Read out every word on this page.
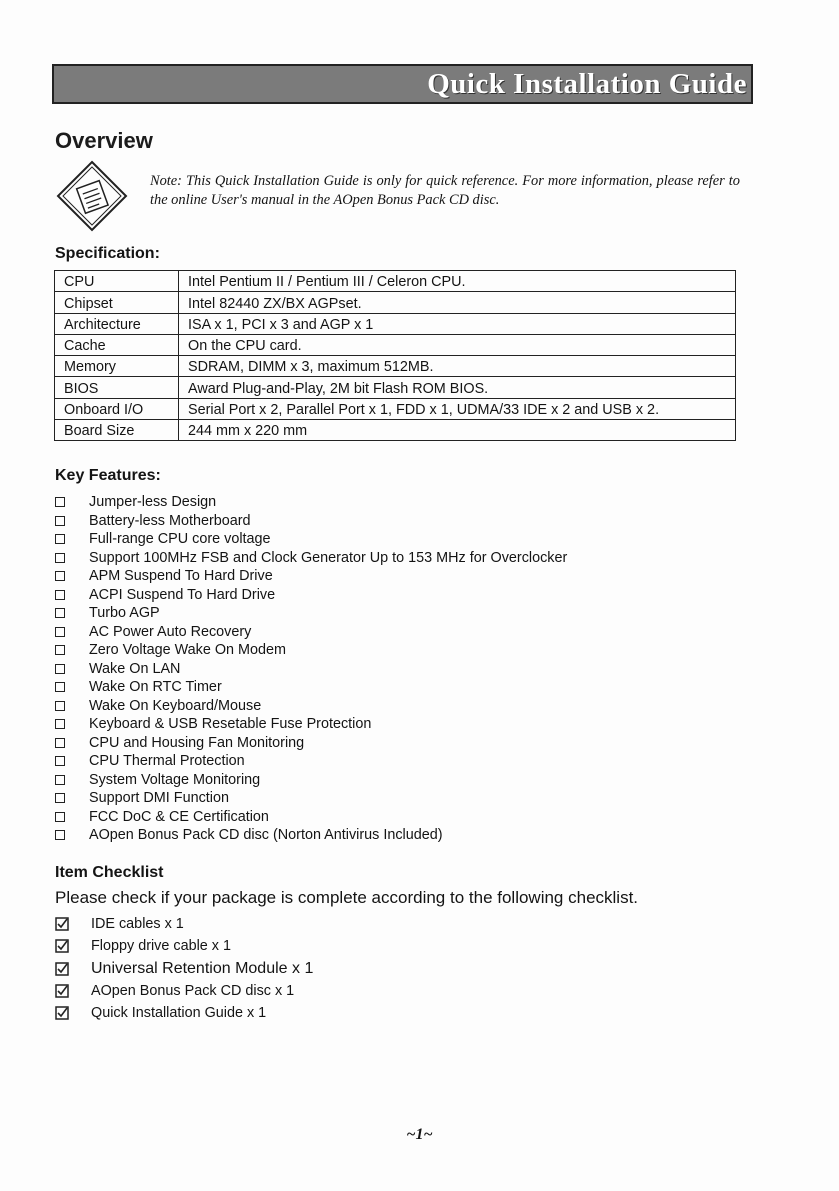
Quick Installation Guide
Overview
Note: This Quick Installation Guide is only for quick reference. For more information, please refer to the online User's manual in the AOpen Bonus Pack CD disc.
Specification:
CPU	Intel Pentium II / Pentium III / Celeron CPU.
Chipset	Intel 82440 ZX/BX AGPset.
Architecture	ISA x 1, PCI x 3 and AGP x 1
Cache	On the CPU card.
Memory	SDRAM, DIMM x 3, maximum 512MB.
BIOS	Award Plug-and-Play, 2M bit Flash ROM BIOS.
Onboard I/O	Serial Port x 2, Parallel Port x 1, FDD x 1, UDMA/33 IDE x 2 and USB x 2.
Board Size	244 mm x 220 mm
Key Features:
Jumper-less Design
Battery-less Motherboard
Full-range CPU core voltage
Support 100MHz FSB and Clock Generator Up to 153 MHz for Overclocker
APM Suspend To Hard Drive
ACPI Suspend To Hard Drive
Turbo AGP
AC Power Auto Recovery
Zero Voltage Wake On Modem
Wake On LAN
Wake On RTC Timer
Wake On Keyboard/Mouse
Keyboard & USB Resetable Fuse Protection
CPU and Housing Fan Monitoring
CPU Thermal Protection
System Voltage Monitoring
Support DMI Function
FCC DoC & CE Certification
AOpen Bonus Pack CD disc (Norton Antivirus Included)
Item Checklist
Please check if your package is complete according to the following checklist.
IDE cables x 1
Floppy drive cable x 1
Universal Retention Module x 1
AOpen Bonus Pack CD disc x 1
Quick Installation Guide x 1
~1~
